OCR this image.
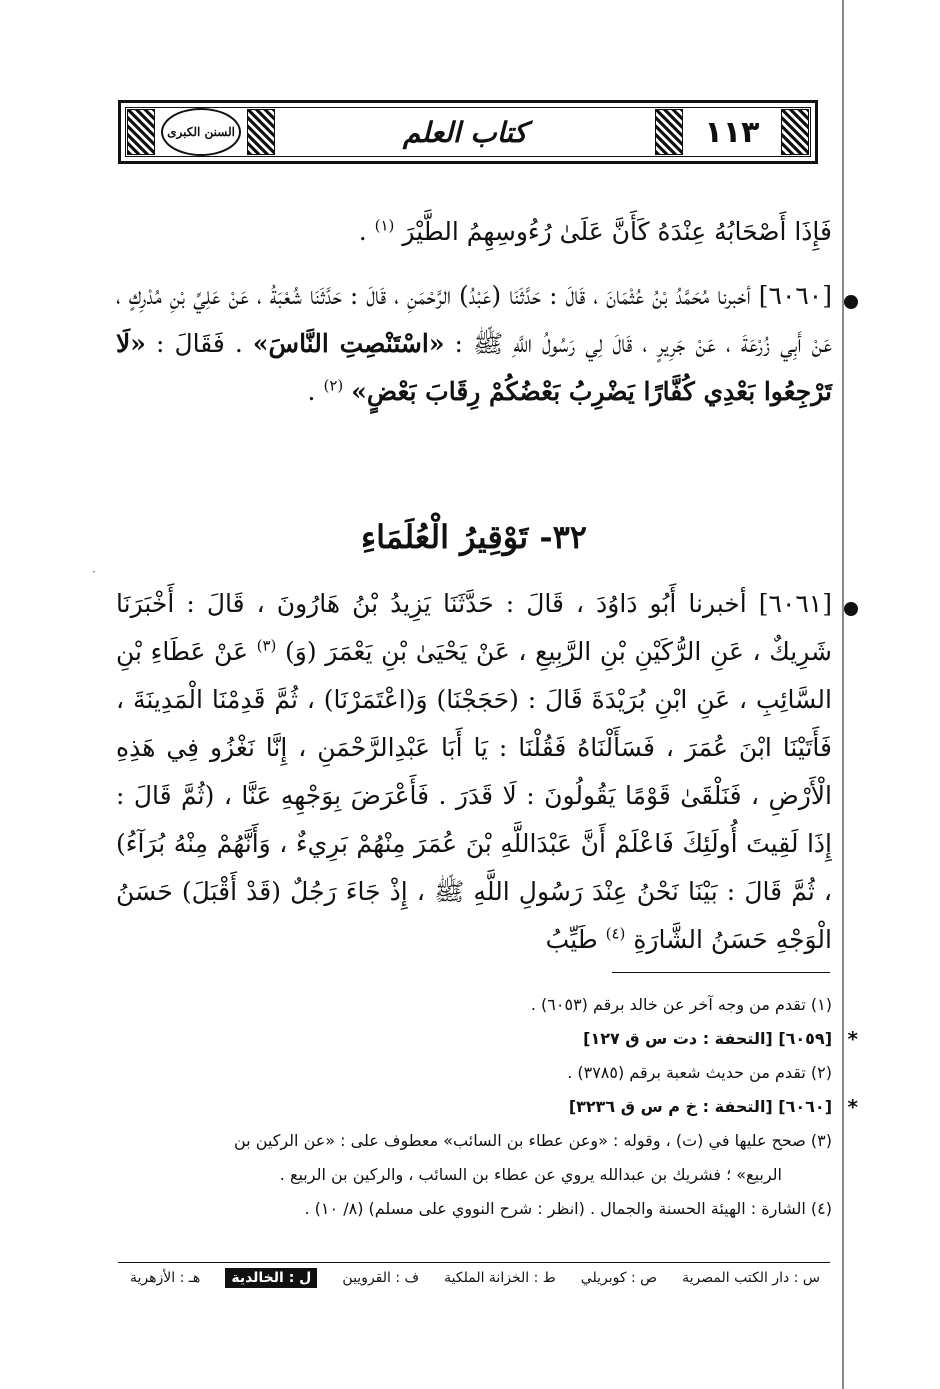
·
١١٣
كتاب العلم
السنن الكبرى
فَإِذَا أَصْحَابُهُ عِنْدَهُ كَأَنَّ عَلَىٰ رُءُوسِهِمُ الطَّيْرَ $^{(١)}$ .
[٦٠٦٠] أخبرنا مُحَمَّدُ بْنُ عُثْمَانَ ، قَالَ : حَدَّثَنَا (عَبْدُ) الرَّحْمَنِ ، قَالَ : حَدَّثَنَا شُعْبَةُ ، عَنْ عَلِيِّ بْنِ مُدْرِكٍ ، عَنْ أَبِي زُرْعَةَ ، عَنْ جَرِيرٍ ، قَالَ لِي رَسُولُ اللَّهِ ﷺ : «اسْتَنْصِتِ النَّاسَ» . فَقَالَ : «لَا تَرْجِعُوا بَعْدِي كُفَّارًا يَضْرِبُ بَعْضُكُمْ رِقَابَ بَعْضٍ» $^{(٢)}$ .
٣٢- تَوْقِيرُ الْعُلَمَاءِ
[٦٠٦١] أخبرنا أَبُو دَاوُدَ ، قَالَ : حَدَّثَنَا يَزِيدُ بْنُ هَارُونَ ، قَالَ : أَخْبَرَنَا شَرِيكٌ ، عَنِ الرُّكَيْنِ بْنِ الرَّبِيعِ ، عَنْ يَحْيَىٰ بْنِ يَعْمَرَ (وَ) $^{(٣)}$ عَنْ عَطَاءِ بْنِ السَّائِبِ ، عَنِ ابْنِ بُرَيْدَةَ قَالَ : (حَجَجْنَا) وَ(اعْتَمَرْنَا) ، ثُمَّ قَدِمْنَا الْمَدِينَةَ ، فَأَتَيْنَا ابْنَ عُمَرَ ، فَسَأَلْنَاهُ فَقُلْنَا : يَا أَبَا عَبْدِالرَّحْمَنِ ، إِنَّا نَغْزُو فِي هَذِهِ الْأَرْضِ ، فَنَلْقَىٰ قَوْمًا يَقُولُونَ : لَا قَدَرَ . فَأَعْرَضَ بِوَجْهِهِ عَنَّا ، (ثُمَّ قَالَ : إِذَا لَقِيتَ أُولَئِكَ فَاعْلَمْ أَنَّ عَبْدَاللَّهِ بْنَ عُمَرَ مِنْهُمْ بَرِيءٌ ، وَأَنَّهُمْ مِنْهُ بُرَآءُ) ، ثُمَّ قَالَ : بَيْنَا نَحْنُ عِنْدَ رَسُولِ اللَّهِ ﷺ ، إِذْ جَاءَ رَجُلٌ (قَدْ أَقْبَلَ) حَسَنُ الْوَجْهِ حَسَنُ الشَّارَةِ $^{(٤)}$ طَيِّبُ
(١) تقدم من وجه آخر عن خالد برقم (٦٠٥٣) .
*
[٦٠٥٩] [التحفة : دت س ق ١٢٧]
(٢) تقدم من حديث شعبة برقم (٣٧٨٥) .
*
[٦٠٦٠] [التحفة : خ م س ق ٣٢٣٦]
(٣) صحح عليها في (ت) ، وقوله : «وعن عطاء بن السائب» معطوف على : «عن الركين بن
الربيع» ؛ فشريك بن عبدالله يروي عن عطاء بن السائب ، والركين بن الربيع .
(٤) الشارة : الهيئة الحسنة والجمال . (انظر : شرح النووي على مسلم) (٨/ ١٠) .
س : دار الكتب المصرية
ص : كوبريلي
ط : الخزانة الملكية
ف : القرويين
ل : الخالدية
هـ : الأزهرية
